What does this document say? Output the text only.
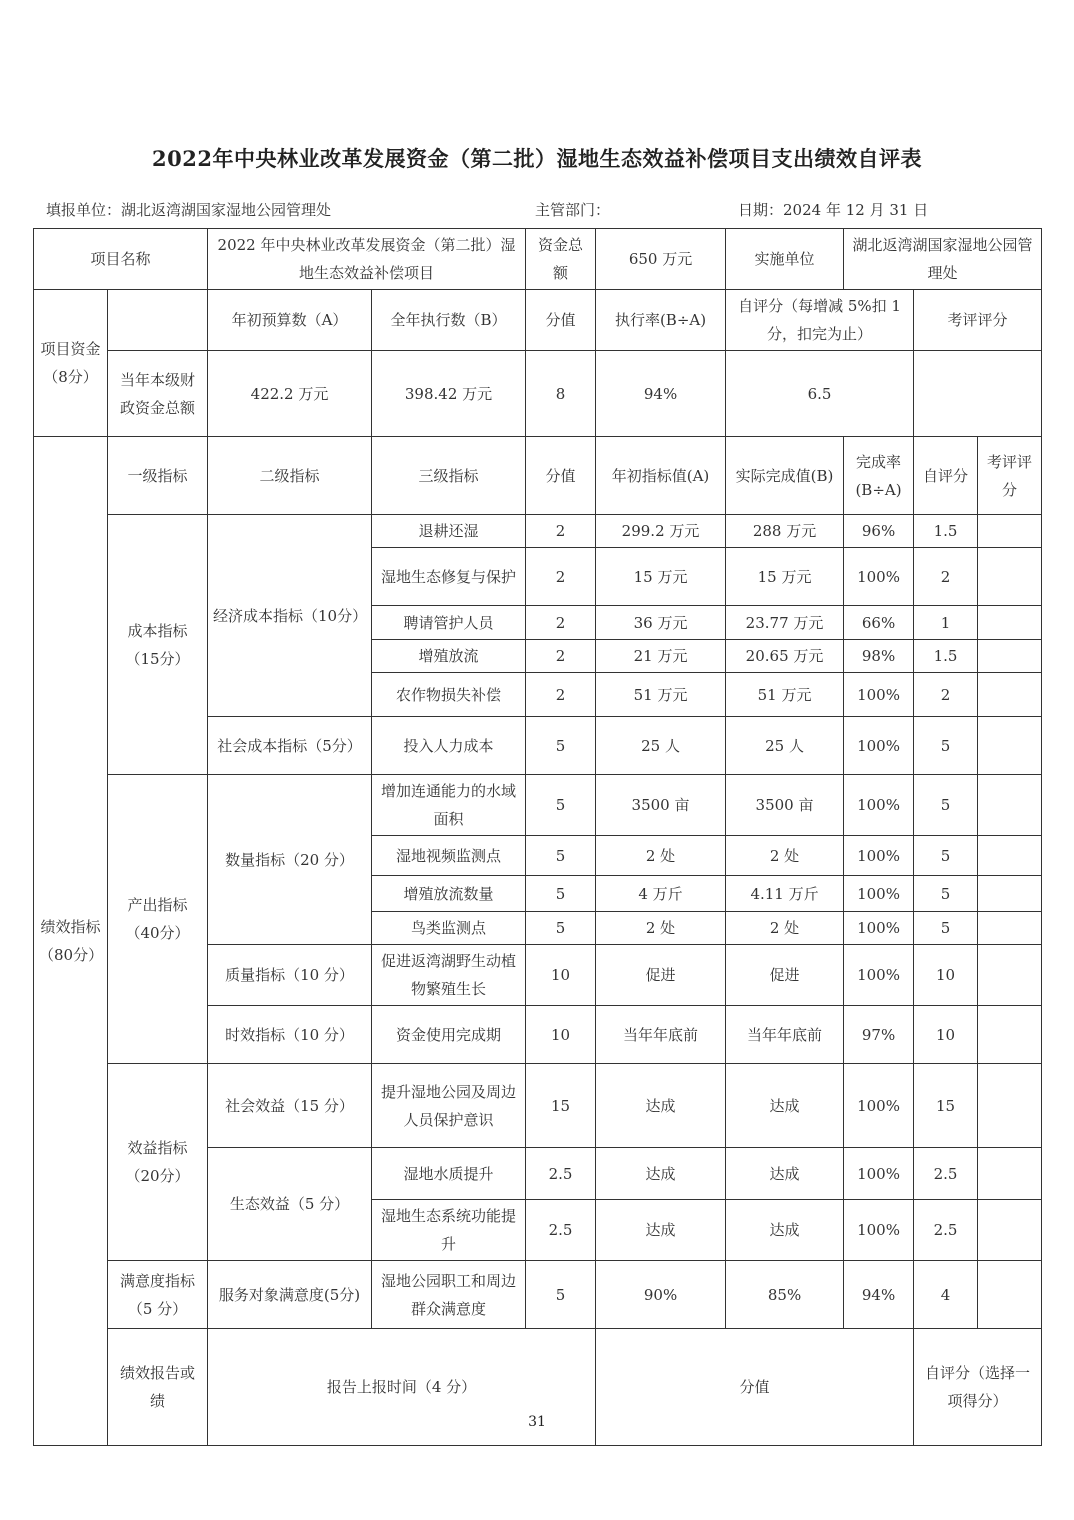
2022年中央林业改革发展资金（第二批）湿地生态效益补偿项目支出绩效自评表
填报单位：湖北返湾湖国家湿地公园管理处	主管部门：	日期：2024 年 12 月 31 日
项目名称		2022 年中央林业改革发展资金（第二批）湿地生态效益补偿项目		资金总额	650 万元	实施单位	湖北返湾湖国家湿地公园管理处			
项目资金（8分）		年初预算数（A）	全年执行数（B）	分值	执行率(B÷A)	自评分（每增减 5%扣 1 分，扣完为止）		考评评分		
	当年本级财政资金总额	422.2 万元	398.42 万元	8	94%	6.5				
绩效指标（80分）	一级指标	二级指标	三级指标	分值	年初指标值(A)	实际完成值(B)	完成率(B÷A)	自评分	考评评分	
	成本指标（15分）	经济成本指标（10分）	退耕还湿	2	299.2 万元	288 万元	96%	1.5		
			湿地生态修复与保护	2	15 万元	15 万元	100%	2		
			聘请管护人员	2	36 万元	23.77 万元	66%	1		
			增殖放流	2	21 万元	20.65 万元	98%	1.5		
			农作物损失补偿	2	51 万元	51 万元	100%	2		
		社会成本指标（5分）	投入人力成本	5	25 人	25 人	100%	5		
	产出指标（40分）	数量指标（20 分）	增加连通能力的水域面积	5	3500 亩	3500 亩	100%	5		
			湿地视频监测点	5	2 处	2 处	100%	5		
			增殖放流数量	5	4 万斤	4.11 万斤	100%	5		
			鸟类监测点	5	2 处	2 处	100%	5		
		质量指标（10 分）	促进返湾湖野生动植物繁殖生长	10	促进	促进	100%	10		
		时效指标（10 分）	资金使用完成期	10	当年年底前	当年年底前	97%	10		
	效益指标（20分）	社会效益（15 分）	提升湿地公园及周边人员保护意识	15	达成	达成	100%	15		
		生态效益（5 分）	湿地水质提升	2.5	达成	达成	100%	2.5		
			湿地生态系统功能提升	2.5	达成	达成	100%	2.5		
	满意度指标（5 分）	服务对象满意度(5分)	湿地公园职工和周边群众满意度	5	90%	85%	94%	4		
	绩效报告或绩	报告上报时间（4 分）			分值			自评分（选择一项得分）	
31
